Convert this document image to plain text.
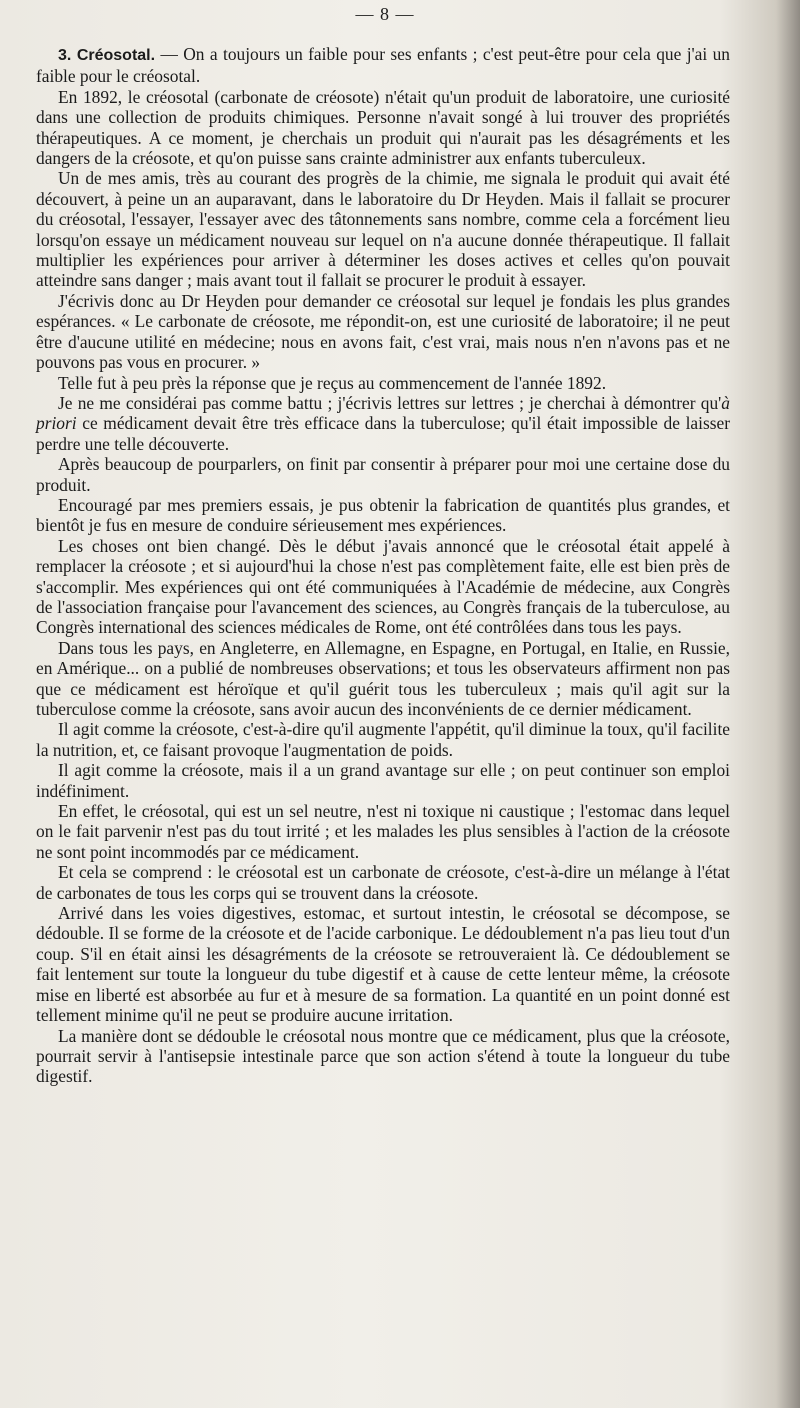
— 8 —

3. Créosotal. — On a toujours un faible pour ses enfants ; c'est peut-être pour cela que j'ai un faible pour le créosotal.

En 1892, le créosotal (carbonate de créosote) n'était qu'un produit de laboratoire, une curiosité dans une collection de produits chimiques. Personne n'avait songé à lui trouver des propriétés thérapeutiques. A ce moment, je cherchais un produit qui n'aurait pas les désagréments et les dangers de la créosote, et qu'on puisse sans crainte administrer aux enfants tuberculeux.

Un de mes amis, très au courant des progrès de la chimie, me signala le produit qui avait été découvert, à peine un an auparavant, dans le laboratoire du Dr Heyden. Mais il fallait se procurer du créosotal, l'essayer, l'essayer avec des tâtonnements sans nombre, comme cela a forcément lieu lorsqu'on essaye un médicament nouveau sur lequel on n'a aucune donnée thérapeutique. Il fallait multiplier les expériences pour arriver à déterminer les doses actives et celles qu'on pouvait atteindre sans danger ; mais avant tout il fallait se procurer le produit à essayer.

J'écrivis donc au Dr Heyden pour demander ce créosotal sur lequel je fondais les plus grandes espérances. « Le carbonate de créosote, me répondit-on, est une curiosité de laboratoire; il ne peut être d'aucune utilité en médecine; nous en avons fait, c'est vrai, mais nous n'en n'avons pas et ne pouvons pas vous en procurer. »

Telle fut à peu près la réponse que je reçus au commencement de l'année 1892.

Je ne me considérai pas comme battu ; j'écrivis lettres sur lettres ; je cherchai à démontrer qu'à priori ce médicament devait être très efficace dans la tuberculose; qu'il était impossible de laisser perdre une telle découverte.

Après beaucoup de pourparlers, on finit par consentir à préparer pour moi une certaine dose du produit.

Encouragé par mes premiers essais, je pus obtenir la fabrication de quantités plus grandes, et bientôt je fus en mesure de conduire sérieusement mes expériences.

Les choses ont bien changé. Dès le début j'avais annoncé que le créosotal était appelé à remplacer la créosote ; et si aujourd'hui la chose n'est pas complètement faite, elle est bien près de s'accomplir. Mes expériences qui ont été communiquées à l'Académie de médecine, aux Congrès de l'association française pour l'avancement des sciences, au Congrès français de la tuberculose, au Congrès international des sciences médicales de Rome, ont été contrôlées dans tous les pays.

Dans tous les pays, en Angleterre, en Allemagne, en Espagne, en Portugal, en Italie, en Russie, en Amérique... on a publié de nombreuses observations; et tous les observateurs affirment non pas que ce médicament est héroïque et qu'il guérit tous les tuberculeux ; mais qu'il agit sur la tuberculose comme la créosote, sans avoir aucun des inconvénients de ce dernier médicament.

Il agit comme la créosote, c'est-à-dire qu'il augmente l'appétit, qu'il diminue la toux, qu'il facilite la nutrition, et, ce faisant provoque l'augmentation de poids.

Il agit comme la créosote, mais il a un grand avantage sur elle ; on peut continuer son emploi indéfiniment.

En effet, le créosotal, qui est un sel neutre, n'est ni toxique ni caustique ; l'estomac dans lequel on le fait parvenir n'est pas du tout irrité ; et les malades les plus sensibles à l'action de la créosote ne sont point incommodés par ce médicament.

Et cela se comprend : le créosotal est un carbonate de créosote, c'est-à-dire un mélange à l'état de carbonates de tous les corps qui se trouvent dans la créosote.

Arrivé dans les voies digestives, estomac, et surtout intestin, le créosotal se décompose, se dédouble. Il se forme de la créosote et de l'acide carbonique. Le dédoublement n'a pas lieu tout d'un coup. S'il en était ainsi les désagréments de la créosote se retrouveraient là. Ce dédoublement se fait lentement sur toute la longueur du tube digestif et à cause de cette lenteur même, la créosote mise en liberté est absorbée au fur et à mesure de sa formation. La quantité en un point donné est tellement minime qu'il ne peut se produire aucune irritation.

La manière dont se dédouble le créosotal nous montre que ce médicament, plus que la créosote, pourrait servir à l'antisepsie intestinale parce que son action s'étend à toute la longueur du tube digestif.
